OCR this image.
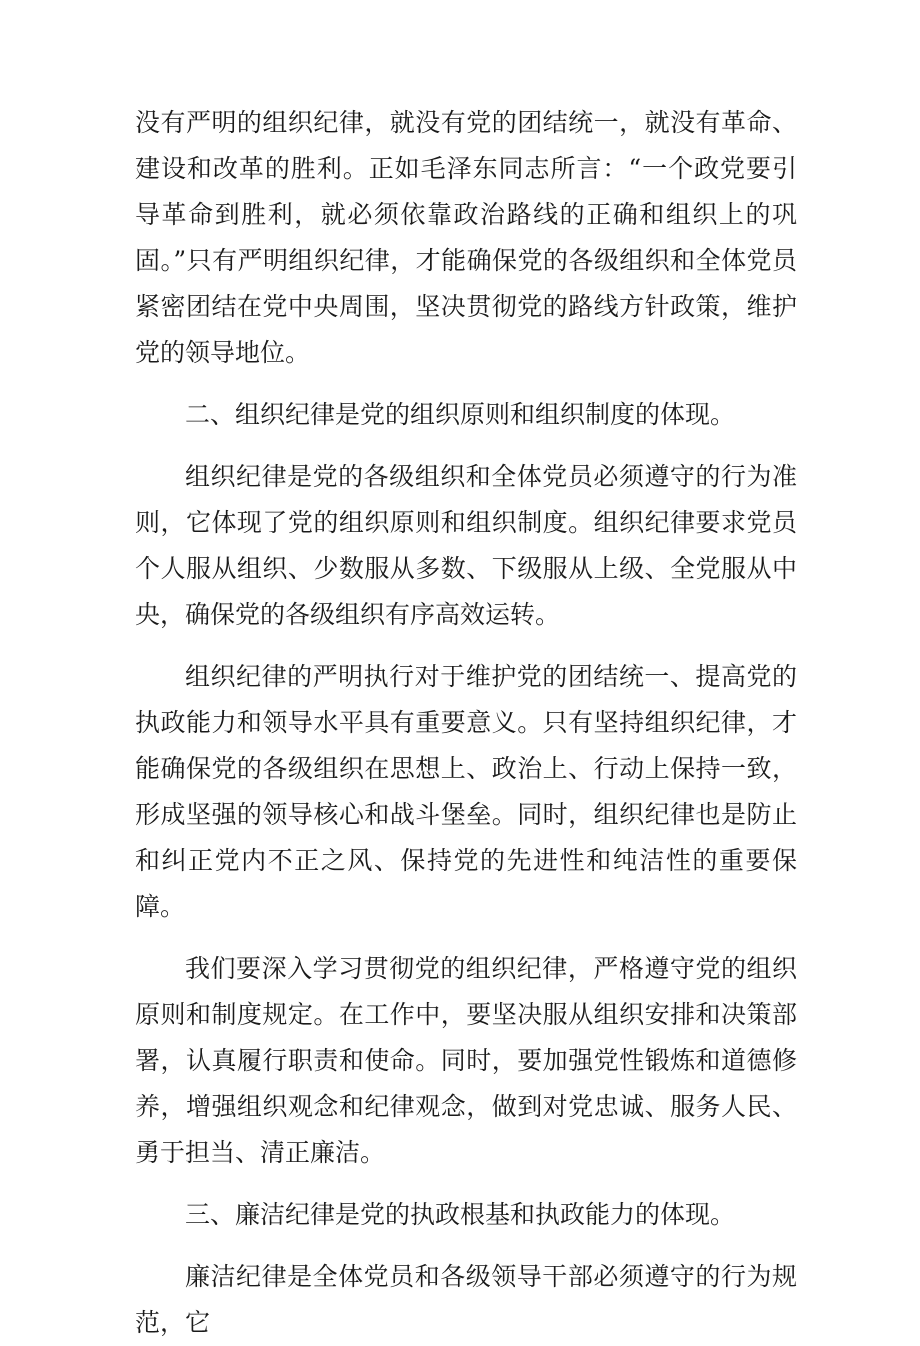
没有严明的组织纪律，就没有党的团结统一，就没有革命、建设和改革的胜利。正如毛泽东同志所言：“一个政党要引导革命到胜利，就必须依靠政治路线的正确和组织上的巩固。”只有严明组织纪律，才能确保党的各级组织和全体党员紧密团结在党中央周围，坚决贯彻党的路线方针政策，维护党的领导地位。

二、组织纪律是党的组织原则和组织制度的体现。

组织纪律是党的各级组织和全体党员必须遵守的行为准则，它体现了党的组织原则和组织制度。组织纪律要求党员个人服从组织、少数服从多数、下级服从上级、全党服从中央，确保党的各级组织有序高效运转。

组织纪律的严明执行对于维护党的团结统一、提高党的执政能力和领导水平具有重要意义。只有坚持组织纪律，才能确保党的各级组织在思想上、政治上、行动上保持一致，形成坚强的领导核心和战斗堡垒。同时，组织纪律也是防止和纠正党内不正之风、保持党的先进性和纯洁性的重要保障。

我们要深入学习贯彻党的组织纪律，严格遵守党的组织原则和制度规定。在工作中，要坚决服从组织安排和决策部署，认真履行职责和使命。同时，要加强党性锻炼和道德修养，增强组织观念和纪律观念，做到对党忠诚、服务人民、勇于担当、清正廉洁。

三、廉洁纪律是党的执政根基和执政能力的体现。

廉洁纪律是全体党员和各级领导干部必须遵守的行为规范，它
